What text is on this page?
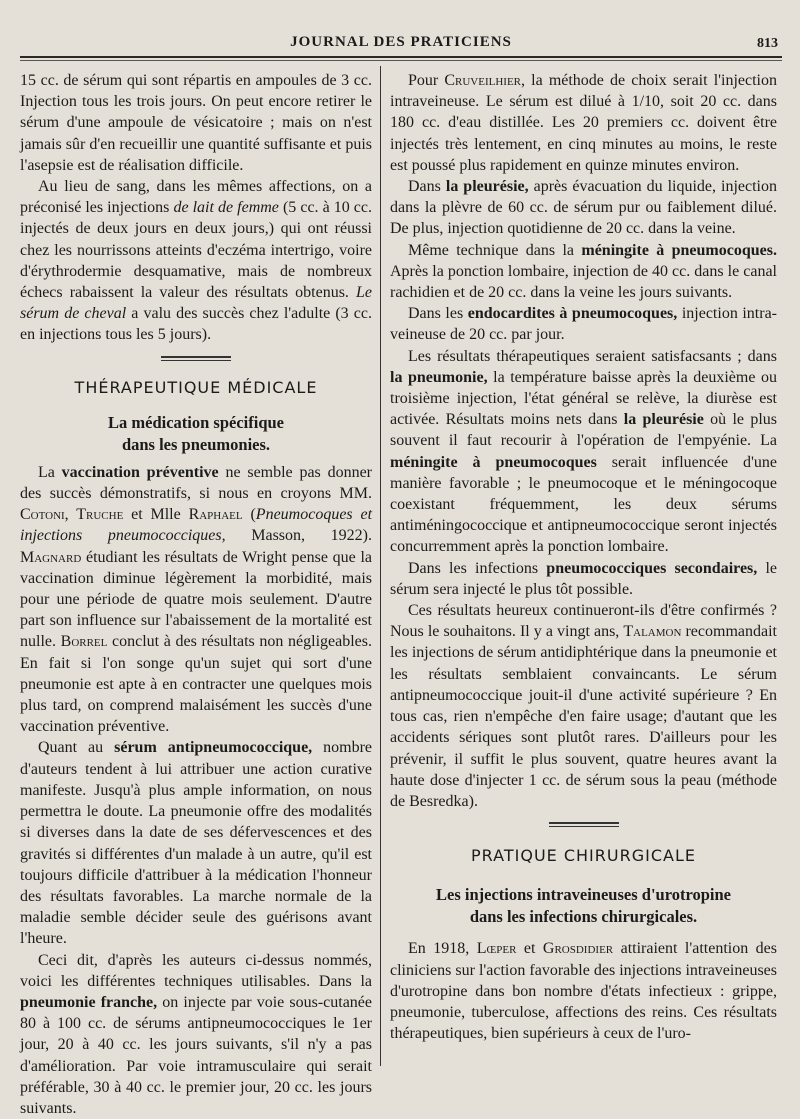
JOURNAL DES PRATICIENS	813

15 cc. de sérum qui sont répartis en ampoules de 3 cc. Injection tous les trois jours. On peut encore retirer le sérum d'une ampoule de vésicatoire ; mais on n'est jamais sûr d'en recueillir une quantité suffisante et puis l'asepsie est de réalisation difficile.

Au lieu de sang, dans les mêmes affections, on a préconisé les injections de lait de femme (5 cc. à 10 cc. injectés de deux jours en deux jours,) qui ont réussi chez les nourrissons atteints d'eczéma intertrigo, voire d'érythrodermie desquamative, mais de nombreux échecs rabaissent la valeur des résultats obtenus. Le sérum de cheval a valu des succès chez l'adulte (3 cc. en injections tous les 5 jours).

THÉRAPEUTIQUE MÉDICALE
La médication spécifique
dans les pneumonies.

La vaccination préventive ne semble pas donner des succès démonstratifs, si nous en croyons MM. Cotoni, Truche et Mlle Raphael (Pneumocoques et injections pneumococciques, Masson, 1922). Magnard étudiant les résultats de Wright pense que la vaccination diminue légèrement la morbidité, mais pour une période de quatre mois seulement. D'autre part son influence sur l'abaissement de la mortalité est nulle. Borrel conclut à des résultats non négligeables. En fait si l'on songe qu'un sujet qui sort d'une pneumonie est apte à en contracter une quelques mois plus tard, on comprend malaisément les succès d'une vaccination préventive.

Quant au sérum antipneumococcique, nombre d'auteurs tendent à lui attribuer une action curative manifeste. Jusqu'à plus ample information, on nous permettra le doute. La pneumonie offre des modalités si diverses dans la date de ses défervescences et des gravités si différentes d'un malade à un autre, qu'il est toujours difficile d'attribuer à la médication l'honneur des résultats favorables. La marche normale de la maladie semble décider seule des guérisons avant l'heure.

Ceci dit, d'après les auteurs ci-dessus nommés, voici les différentes techniques utilisables. Dans la pneumonie franche, on injecte par voie sous-cutanée 80 à 100 cc. de sérums antipneumococciques le 1er jour, 20 à 40 cc. les jours suivants, s'il n'y a pas d'amélioration. Par voie intramusculaire qui serait préférable, 30 à 40 cc. le premier jour, 20 cc. les jours suivants.

Pour Cruveilhier, la méthode de choix serait l'injection intraveineuse. Le sérum est dilué à 1/10, soit 20 cc. dans 180 cc. d'eau distillée. Les 20 premiers cc. doivent être injectés très lentement, en cinq minutes au moins, le reste est poussé plus rapidement en quinze minutes environ.

Dans la pleurésie, après évacuation du liquide, injection dans la plèvre de 60 cc. de sérum pur ou faiblement dilué. De plus, injection quotidienne de 20 cc. dans la veine.

Même technique dans la méningite à pneumocoques. Après la ponction lombaire, injection de 40 cc. dans le canal rachidien et de 20 cc. dans la veine les jours suivants.

Dans les endocardites à pneumocoques, injection intra-veineuse de 20 cc. par jour.

Les résultats thérapeutiques seraient satisfacsants ; dans la pneumonie, la température baisse après la deuxième ou troisième injection, l'état général se relève, la diurèse est activée. Résultats moins nets dans la pleurésie où le plus souvent il faut recourir à l'opération de l'empyénie. La méningite à pneumocoques serait influencée d'une manière favorable ; le pneumocoque et le méningocoque coexistant fréquemment, les deux sérums antiméningococcique et antipneumococcique seront injectés concurremment après la ponction lombaire.

Dans les infections pneumococciques secondaires, le sérum sera injecté le plus tôt possible.

Ces résultats heureux continueront-ils d'être confirmés ? Nous le souhaitons. Il y a vingt ans, Talamon recommandait les injections de sérum antidiphtérique dans la pneumonie et les résultats semblaient convaincants. Le sérum antipneumococcique jouit-il d'une activité supérieure ? En tous cas, rien n'empêche d'en faire usage; d'autant que les accidents sériques sont plutôt rares. D'ailleurs pour les prévenir, il suffit le plus souvent, quatre heures avant la haute dose d'injecter 1 cc. de sérum sous la peau (méthode de Besredka).

PRATIQUE CHIRURGICALE
Les injections intraveineuses d'urotropine
dans les infections chirurgicales.

En 1918, Lœper et Grosdidier attiraient l'attention des cliniciens sur l'action favorable des injections intraveineuses d'urotropine dans bon nombre d'états infectieux : grippe, pneumonie, tuberculose, affections des reins. Ces résultats thérapeutiques, bien supérieurs à ceux de l'uro-
